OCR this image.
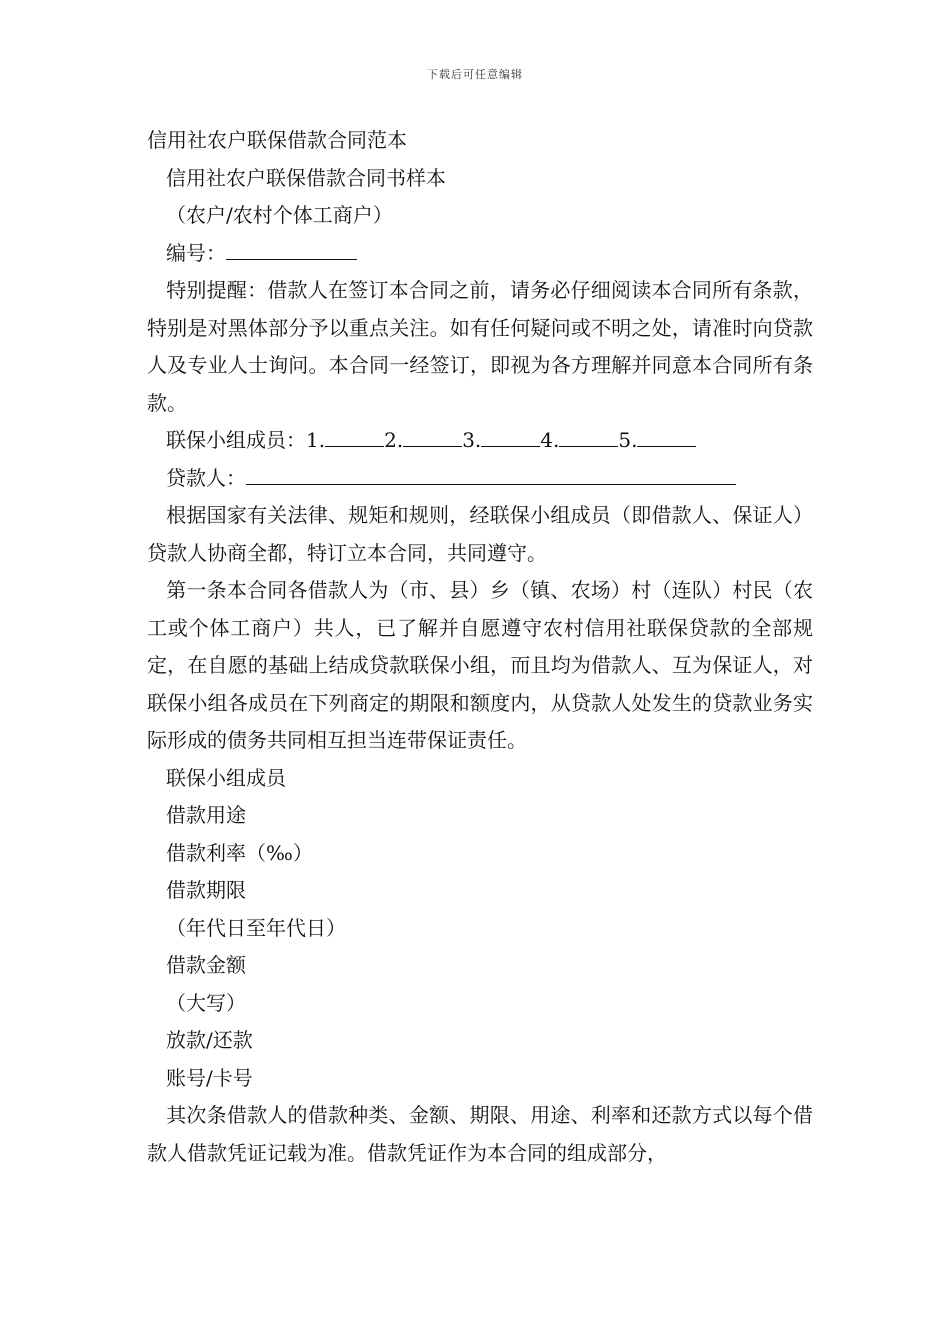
下载后可任意编辑
信用社农户联保借款合同范本
信用社农户联保借款合同书样本
（农户/农村个体工商户）
编号：
特别提醒：借款人在签订本合同之前，请务必仔细阅读本合同所有条款，特别是对黑体部分予以重点关注。如有任何疑问或不明之处，请准时向贷款人及专业人士询问。本合同一经签订，即视为各方理解并同意本合同所有条款。
联保小组成员：1.	2.	3.	4.	5.
贷款人：
根据国家有关法律、规矩和规则，经联保小组成员（即借款人、保证人）贷款人协商全都，特订立本合同，共同遵守。
第一条本合同各借款人为（市、县）乡（镇、农场）村（连队）村民（农工或个体工商户）共人，已了解并自愿遵守农村信用社联保贷款的全部规定，在自愿的基础上结成贷款联保小组，而且均为借款人、互为保证人，对联保小组各成员在下列商定的期限和额度内，从贷款人处发生的贷款业务实际形成的债务共同相互担当连带保证责任。
联保小组成员
借款用途
借款利率（‰）
借款期限
（年代日至年代日）
借款金额
（大写）
放款/还款
账号/卡号
其次条借款人的借款种类、金额、期限、用途、利率和还款方式以每个借款人借款凭证记载为准。借款凭证作为本合同的组成部分，
